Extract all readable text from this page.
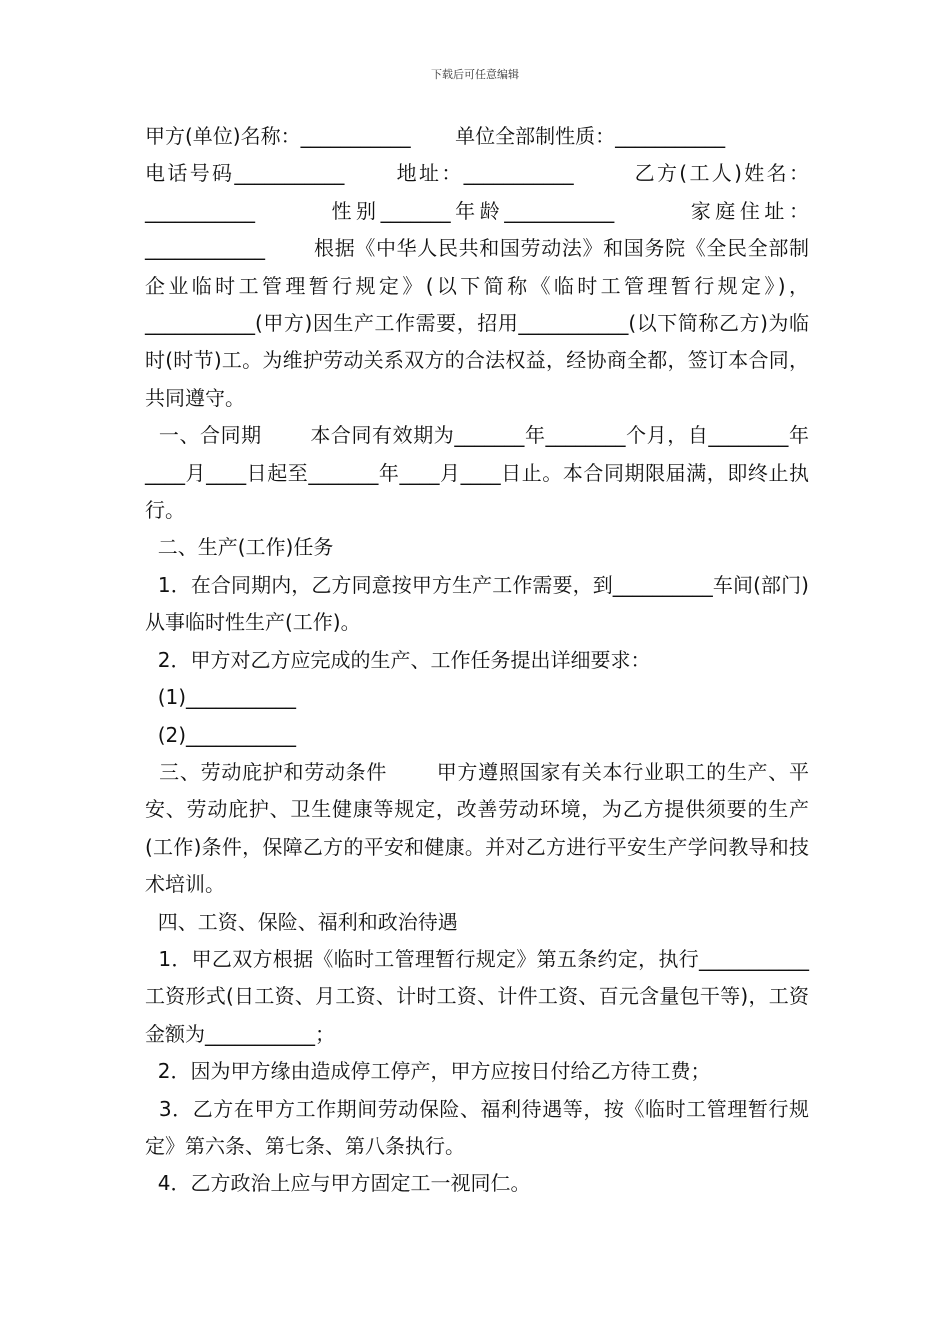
下载后可任意编辑

甲方(单位)名称：___________       单位全部制性质：___________

电话号码___________      地址：___________       乙方(工人)姓名：___________       性别_______年龄___________       家庭住址：____________       根据《中华人民共和国劳动法》和国务院《全民全部制企业临时工管理暂行规定》(以下简称《临时工管理暂行规定》)，___________(甲方)因生产工作需要，招用___________(以下简称乙方)为临时(时节)工。为维护劳动关系双方的合法权益，经协商全都，签订本合同，共同遵守。

一、合同期       本合同有效期为_______年________个月，自________年____月____日起至_______年____月____日止。本合同期限届满，即终止执行。

二、生产(工作)任务

1．在合同期内，乙方同意按甲方生产工作需要，到__________车间(部门)从事临时性生产(工作)。

2．甲方对乙方应完成的生产、工作任务提出详细要求：

(1)___________

(2)___________

三、劳动庇护和劳动条件       甲方遵照国家有关本行业职工的生产、平安、劳动庇护、卫生健康等规定，改善劳动环境，为乙方提供须要的生产(工作)条件，保障乙方的平安和健康。并对乙方进行平安生产学问教导和技术培训。

四、工资、保险、福利和政治待遇

1．甲乙双方根据《临时工管理暂行规定》第五条约定，执行___________工资形式(日工资、月工资、计时工资、计件工资、百元含量包干等)，工资金额为___________；

2．因为甲方缘由造成停工停产，甲方应按日付给乙方待工费；

3．乙方在甲方工作期间劳动保险、福利待遇等，按《临时工管理暂行规定》第六条、第七条、第八条执行。

4．乙方政治上应与甲方固定工一视同仁。
